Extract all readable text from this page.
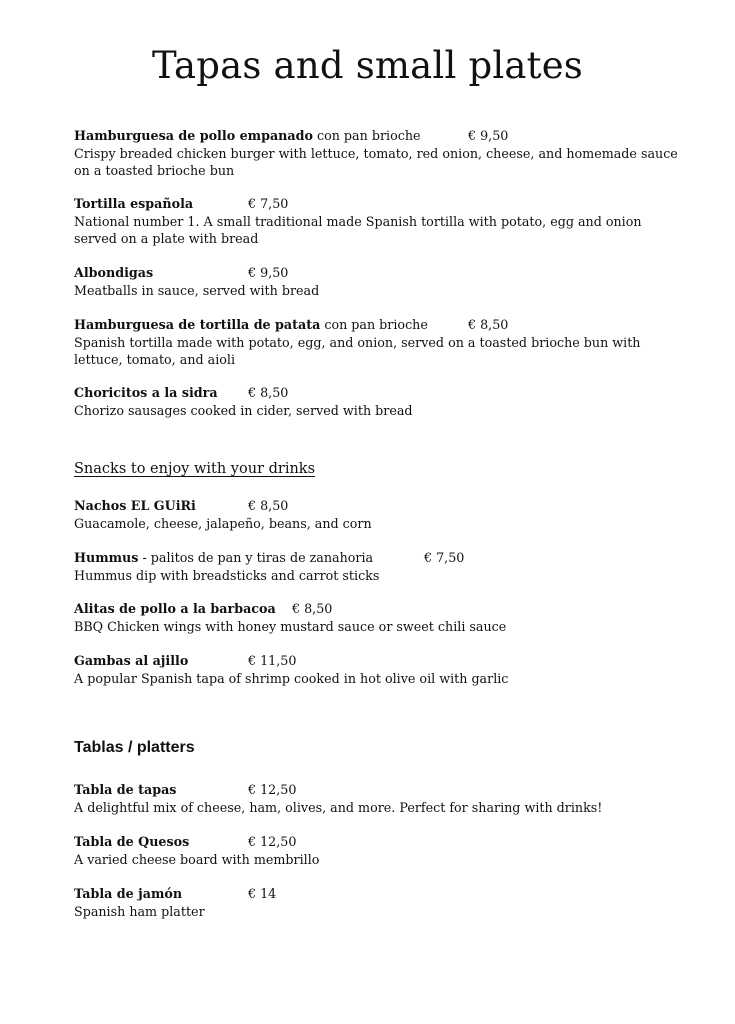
Tapas and small plates
Hamburguesa de pollo empanado con pan brioche	€ 9,50

Crispy breaded chicken burger with lettuce, tomato, red onion, cheese, and homemade sauce on a toasted brioche bun

Tortilla española	€ 7,50

National number 1. A small traditional made Spanish tortilla with potato, egg and onion served on a plate with bread

Albondigas	€ 9,50

Meatballs in sauce, served with bread

Hamburguesa de tortilla de patata con pan brioche	€ 8,50

Spanish tortilla made with potato, egg, and onion, served on a toasted brioche bun with lettuce, tomato, and aioli

Choricitos a la sidra € 8,50

Chorizo sausages cooked in cider, served with bread

Snacks to enjoy with your drinks
Nachos EL GUiRi	€ 8,50

Guacamole, cheese, jalapeño, beans, and corn

Hummus - palitos de pan y tiras de zanahoria	€ 7,50

Hummus dip with breadsticks and carrot sticks

Alitas de pollo a la barbacoa € 8,50

BBQ Chicken wings with honey mustard sauce or sweet chili sauce

Gambas al ajillo	€ 11,50

A popular Spanish tapa of shrimp cooked in hot olive oil with garlic

Tablas / platters
Tabla de tapas	€ 12,50

A delightful mix of cheese, ham, olives, and more. Perfect for sharing with drinks!

Tabla de Quesos	€ 12,50

A varied cheese board with membrillo

Tabla de jamón	€ 14

Spanish ham platter
